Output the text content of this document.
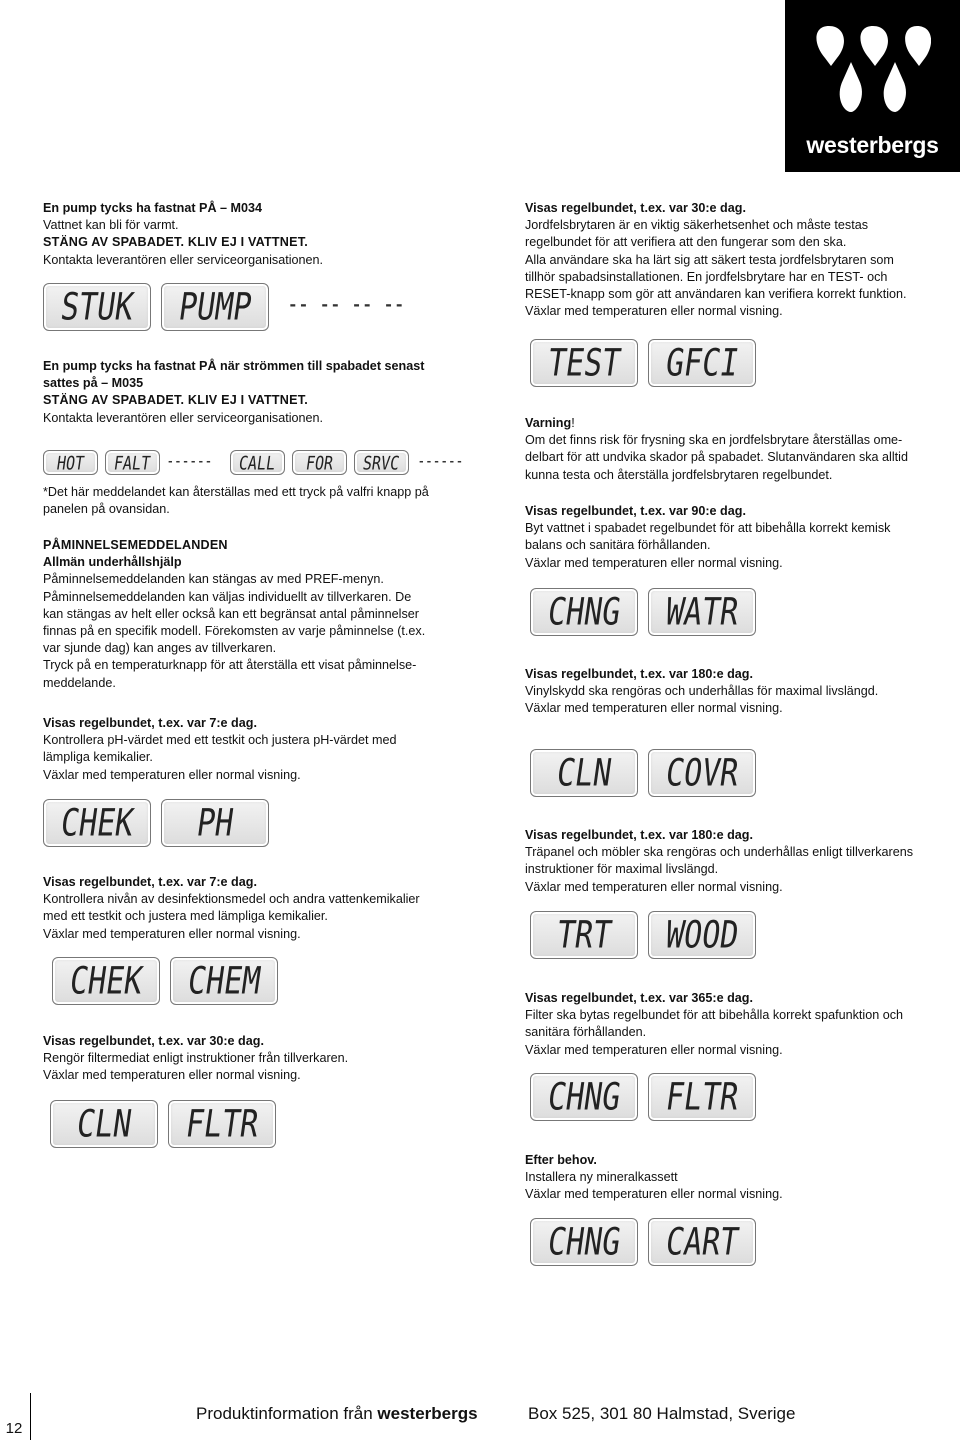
westerbergs

En pump tycks ha fastnat PÅ – M034

Vattnet kan bli för varmt.

STÄNG AV SPABADET. KLIV EJ I VATTNET.

Kontakta leverantören eller serviceorganisationen.

STUK PUMP -- -- -- --

En pump tycks ha fastnat PÅ när strömmen till spabadet senast

sattes på – M035

STÄNG AV SPABADET. KLIV EJ I VATTNET.

Kontakta leverantören eller serviceorganisationen.

HOT FALT ------ CALL FOR SRVC ------

*Det här meddelandet kan återställas med ett tryck på valfri knapp på

panelen på ovansidan.

PÅMINNELSEMEDDELANDEN

Allmän underhållshjälp

Påminnelsemeddelanden kan stängas av med PREF-menyn.

Påminnelsemeddelanden kan väljas individuellt av tillverkaren. De

kan stängas av helt eller också kan ett begränsat antal påminnelser

finnas på en specifik modell. Förekomsten av varje påminnelse (t.ex.

var sjunde dag) kan anges av tillverkaren.

Tryck på en temperaturknapp för att återställa ett visat påminnelse-

meddelande.

Visas regelbundet, t.ex. var 7:e dag.

Kontrollera pH-värdet med ett testkit och justera pH-värdet med

lämpliga kemikalier.

Växlar med temperaturen eller normal visning.

CHEK PH

Visas regelbundet, t.ex. var 7:e dag.

Kontrollera nivån av desinfektionsmedel och andra vattenkemikalier

med ett testkit och justera med lämpliga kemikalier.

Växlar med temperaturen eller normal visning.

CHEK CHEM

Visas regelbundet, t.ex. var 30:e dag.

Rengör filtermediat enligt instruktioner från tillverkaren.

Växlar med temperaturen eller normal visning.

CLN FLTR

Visas regelbundet, t.ex. var 30:e dag.

Jordfelsbrytaren är en viktig säkerhetsenhet och måste testas

regelbundet för att verifiera att den fungerar som den ska.

Alla användare ska ha lärt sig att säkert testa jordfelsbrytaren som

tillhör spabadsinstallationen. En jordfelsbrytare har en TEST- och

RESET-knapp som gör att användaren kan verifiera korrekt funktion.

Växlar med temperaturen eller normal visning.

TEST GFCI

Varning!

Om det finns risk för frysning ska en jordfelsbrytare återställas ome-

delbart för att undvika skador på spabadet. Slutanvändaren ska alltid

kunna testa och återställa jordfelsbrytaren regelbundet.

Visas regelbundet, t.ex. var 90:e dag.

Byt vattnet i spabadet regelbundet för att bibehålla korrekt kemisk

balans och sanitära förhållanden.

Växlar med temperaturen eller normal visning.

CHNG WATR

Visas regelbundet, t.ex. var 180:e dag.

Vinylskydd ska rengöras och underhållas för maximal livslängd.

Växlar med temperaturen eller normal visning.

CLN COVR

Visas regelbundet, t.ex. var 180:e dag.

Träpanel och möbler ska rengöras och underhållas enligt tillverkarens

instruktioner för maximal livslängd.

Växlar med temperaturen eller normal visning.

TRT WOOD

Visas regelbundet, t.ex. var 365:e dag.

Filter ska bytas regelbundet för att bibehålla korrekt spafunktion och

sanitära förhållanden.

Växlar med temperaturen eller normal visning.

CHNG FLTR

Efter behov.

Installera ny mineralkassett

Växlar med temperaturen eller normal visning.

CHNG CART
12
Produktinformation från westerbergs	Box 525, 301 80 Halmstad, Sverige
